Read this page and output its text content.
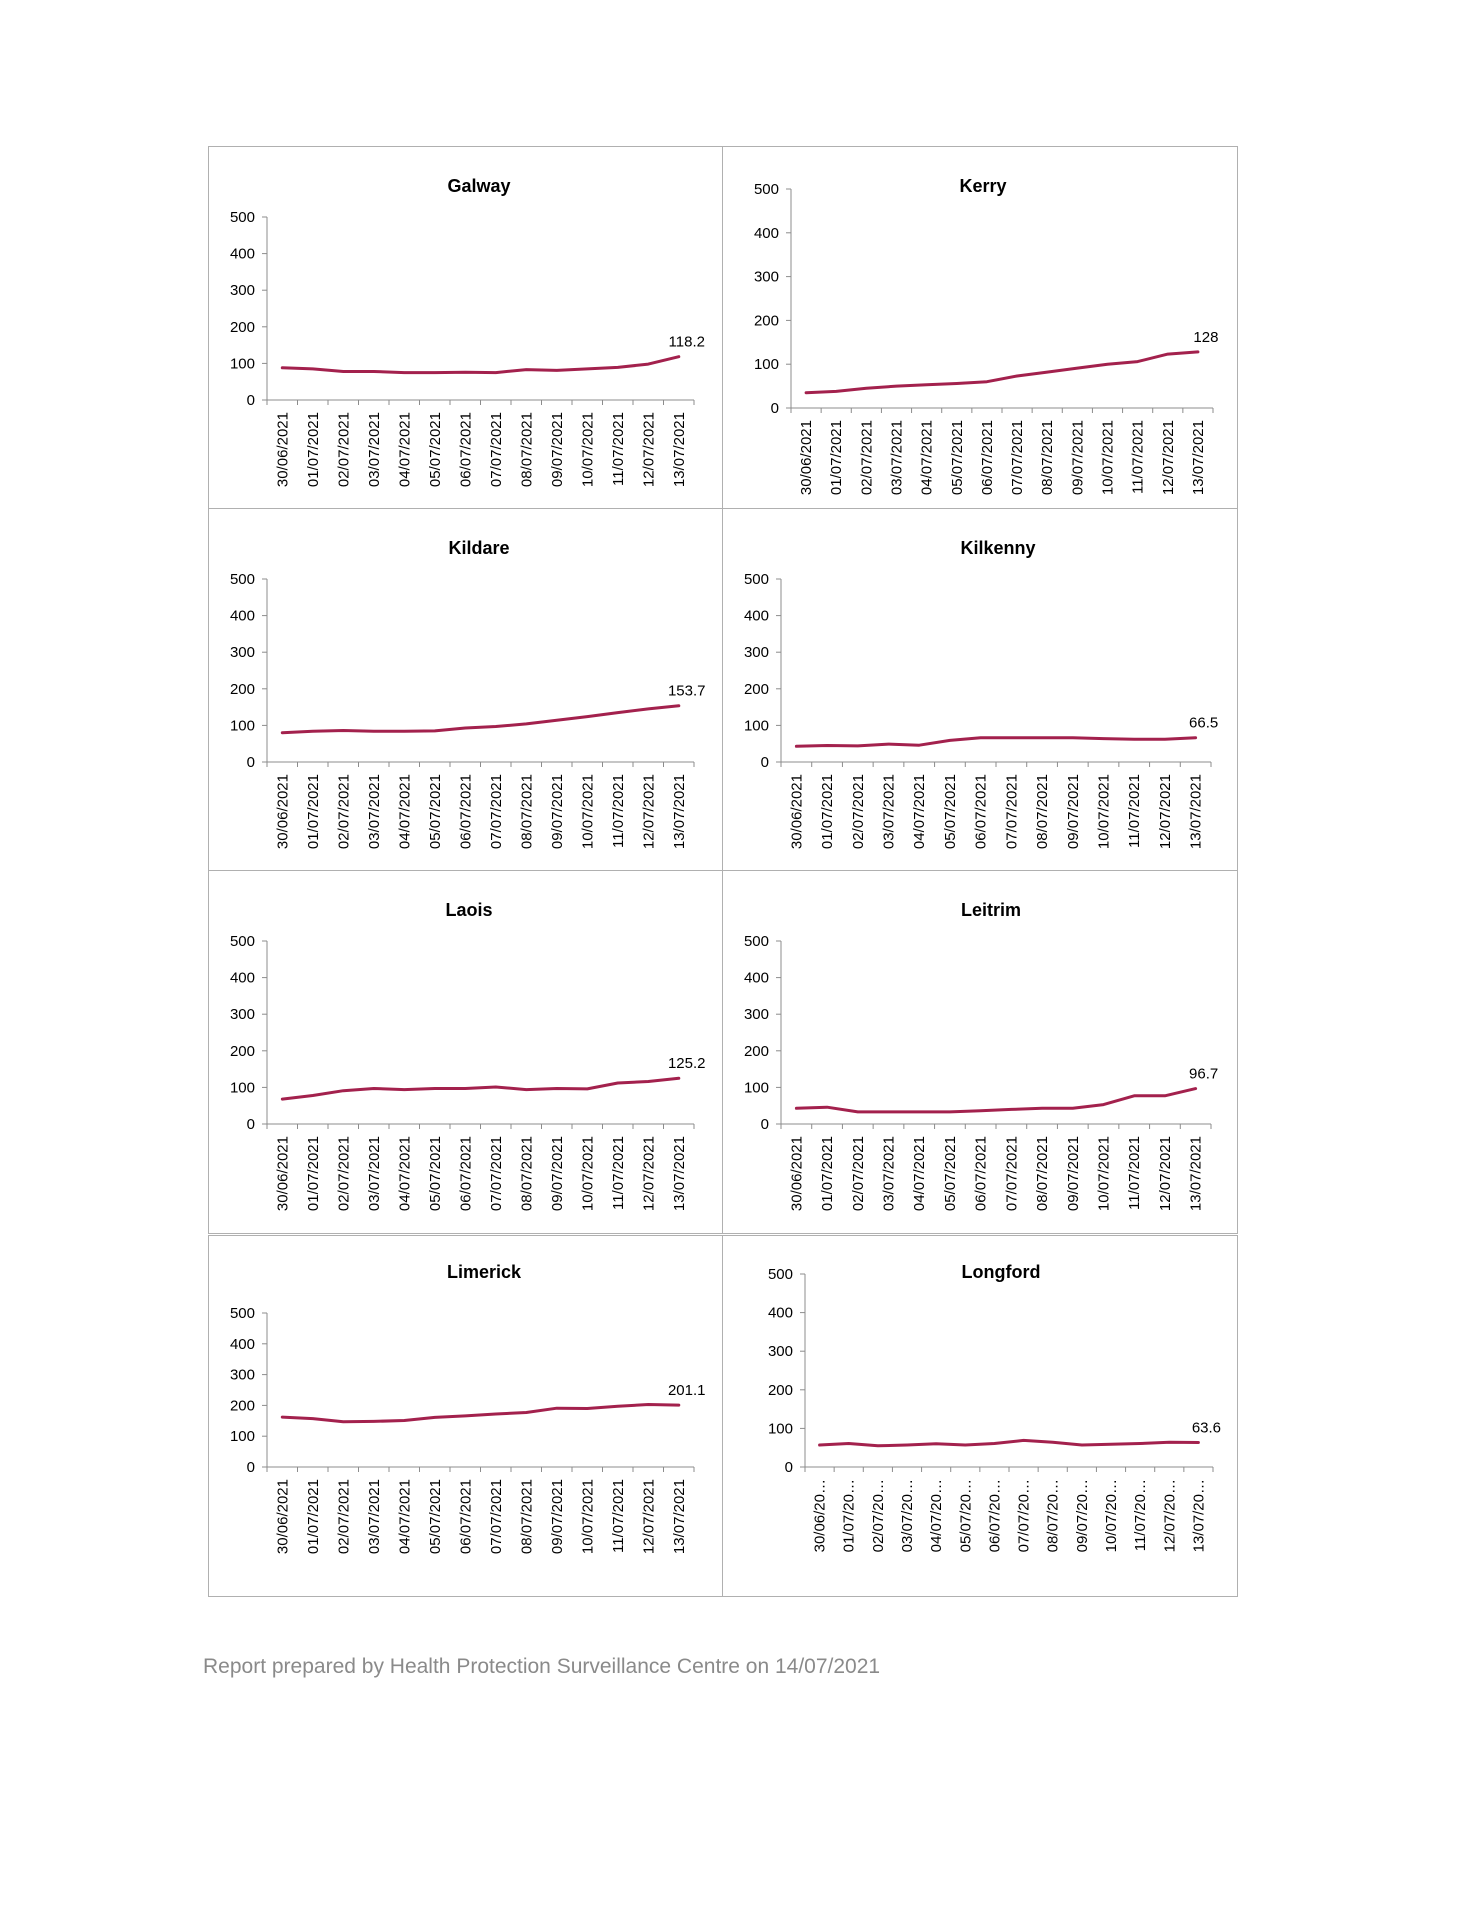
Galway
0
100
200
300
400
500
30/06/2021 01/07/2021 02/07/2021 03/07/2021 04/07/2021 05/07/2021 06/07/2021 07/07/2021 08/07/2021 09/07/2021 10/07/2021 11/07/2021 12/07/2021 13/07/2021
118.2
Kerry
0
100
200
300
400
500
30/06/2021 01/07/2021 02/07/2021 03/07/2021 04/07/2021 05/07/2021 06/07/2021 07/07/2021 08/07/2021 09/07/2021 10/07/2021 11/07/2021 12/07/2021 13/07/2021
128
Kildare
0
100
200
300
400
500
30/06/2021 01/07/2021 02/07/2021 03/07/2021 04/07/2021 05/07/2021 06/07/2021 07/07/2021 08/07/2021 09/07/2021 10/07/2021 11/07/2021 12/07/2021 13/07/2021
153.7
Kilkenny
0
100
200
300
400
500
30/06/2021 01/07/2021 02/07/2021 03/07/2021 04/07/2021 05/07/2021 06/07/2021 07/07/2021 08/07/2021 09/07/2021 10/07/2021 11/07/2021 12/07/2021 13/07/2021
66.5
Laois
0
100
200
300
400
500
30/06/2021 01/07/2021 02/07/2021 03/07/2021 04/07/2021 05/07/2021 06/07/2021 07/07/2021 08/07/2021 09/07/2021 10/07/2021 11/07/2021 12/07/2021 13/07/2021
125.2
Leitrim
0
100
200
300
400
500
30/06/2021 01/07/2021 02/07/2021 03/07/2021 04/07/2021 05/07/2021 06/07/2021 07/07/2021 08/07/2021 09/07/2021 10/07/2021 11/07/2021 12/07/2021 13/07/2021
96.7
Limerick
0
100
200
300
400
500
30/06/2021 01/07/2021 02/07/2021 03/07/2021 04/07/2021 05/07/2021 06/07/2021 07/07/2021 08/07/2021 09/07/2021 10/07/2021 11/07/2021 12/07/2021 13/07/2021
201.1
Longford
0
100
200
300
400
500
30/06/20… 01/07/20… 02/07/20… 03/07/20… 04/07/20… 05/07/20… 06/07/20… 07/07/20… 08/07/20… 09/07/20… 10/07/20… 11/07/20… 12/07/20… 13/07/20…
63.6
Report prepared by Health Protection Surveillance Centre on 14/07/2021
